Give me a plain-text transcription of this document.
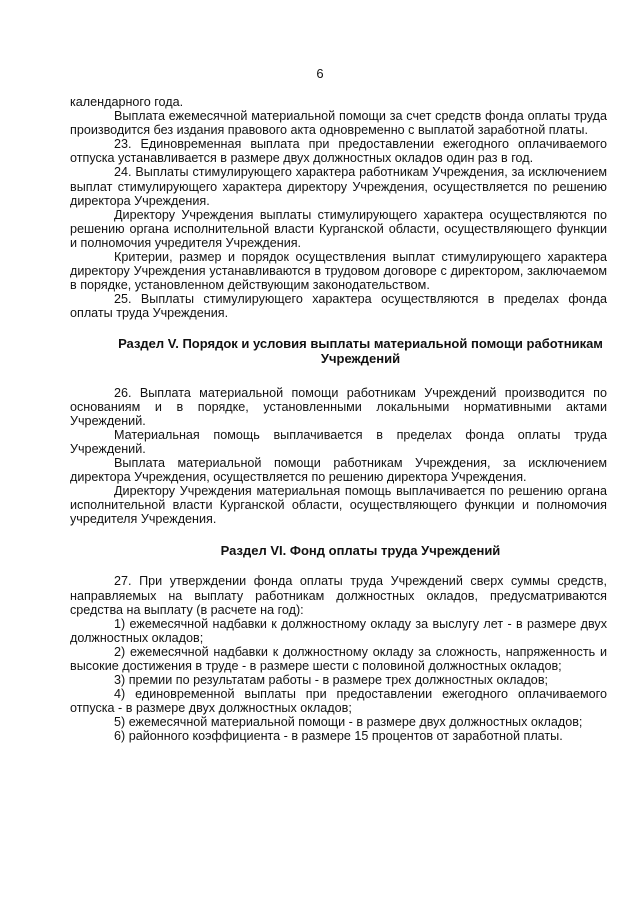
6

календарного года.

Выплата ежемесячной материальной помощи за счет средств фонда оплаты труда производится без издания правового акта одновременно с выплатой заработной платы.

23. Единовременная выплата при предоставлении ежегодного оплачиваемого отпуска устанавливается в размере двух должностных окладов один раз в год.

24. Выплаты стимулирующего характера работникам Учреждения, за исключением выплат стимулирующего характера директору Учреждения, осуществляется по решению директора Учреждения.

Директору Учреждения выплаты стимулирующего характера осуществляются по решению органа исполнительной власти Курганской области, осуществляющего функции и полномочия учредителя Учреждения.

Критерии, размер и порядок осуществления выплат стимулирующего характера директору Учреждения устанавливаются в трудовом договоре с директором, заключаемом в порядке, установленном действующим законодательством.

25. Выплаты стимулирующего характера осуществляются в пределах фонда оплаты труда Учреждения.

Раздел V. Порядок и условия выплаты материальной помощи работникам Учреждений

26. Выплата материальной помощи работникам Учреждений производится по основаниям и в порядке, установленными локальными нормативными актами Учреждений.

Материальная помощь выплачивается в пределах фонда оплаты труда Учреждений.

Выплата материальной помощи работникам Учреждения, за исключением директора Учреждения, осуществляется по решению директора Учреждения.

Директору Учреждения материальная помощь выплачивается по решению органа исполнительной власти Курганской области, осуществляющего функции и полномочия учредителя Учреждения.

Раздел VI. Фонд оплаты труда Учреждений

27. При утверждении фонда оплаты труда Учреждений сверх суммы средств, направляемых на выплату работникам должностных окладов, предусматриваются средства на выплату (в расчете на год):

1) ежемесячной надбавки к должностному окладу за выслугу лет - в размере двух должностных окладов;

2) ежемесячной надбавки к должностному окладу за сложность, напряженность и высокие достижения в труде - в размере шести с половиной должностных окладов;

3) премии по результатам работы - в размере трех должностных окладов;

4) единовременной выплаты при предоставлении ежегодного оплачиваемого отпуска - в размере двух должностных окладов;

5) ежемесячной материальной помощи - в размере двух должностных окладов;

6) районного коэффициента - в размере 15 процентов от заработной платы.
